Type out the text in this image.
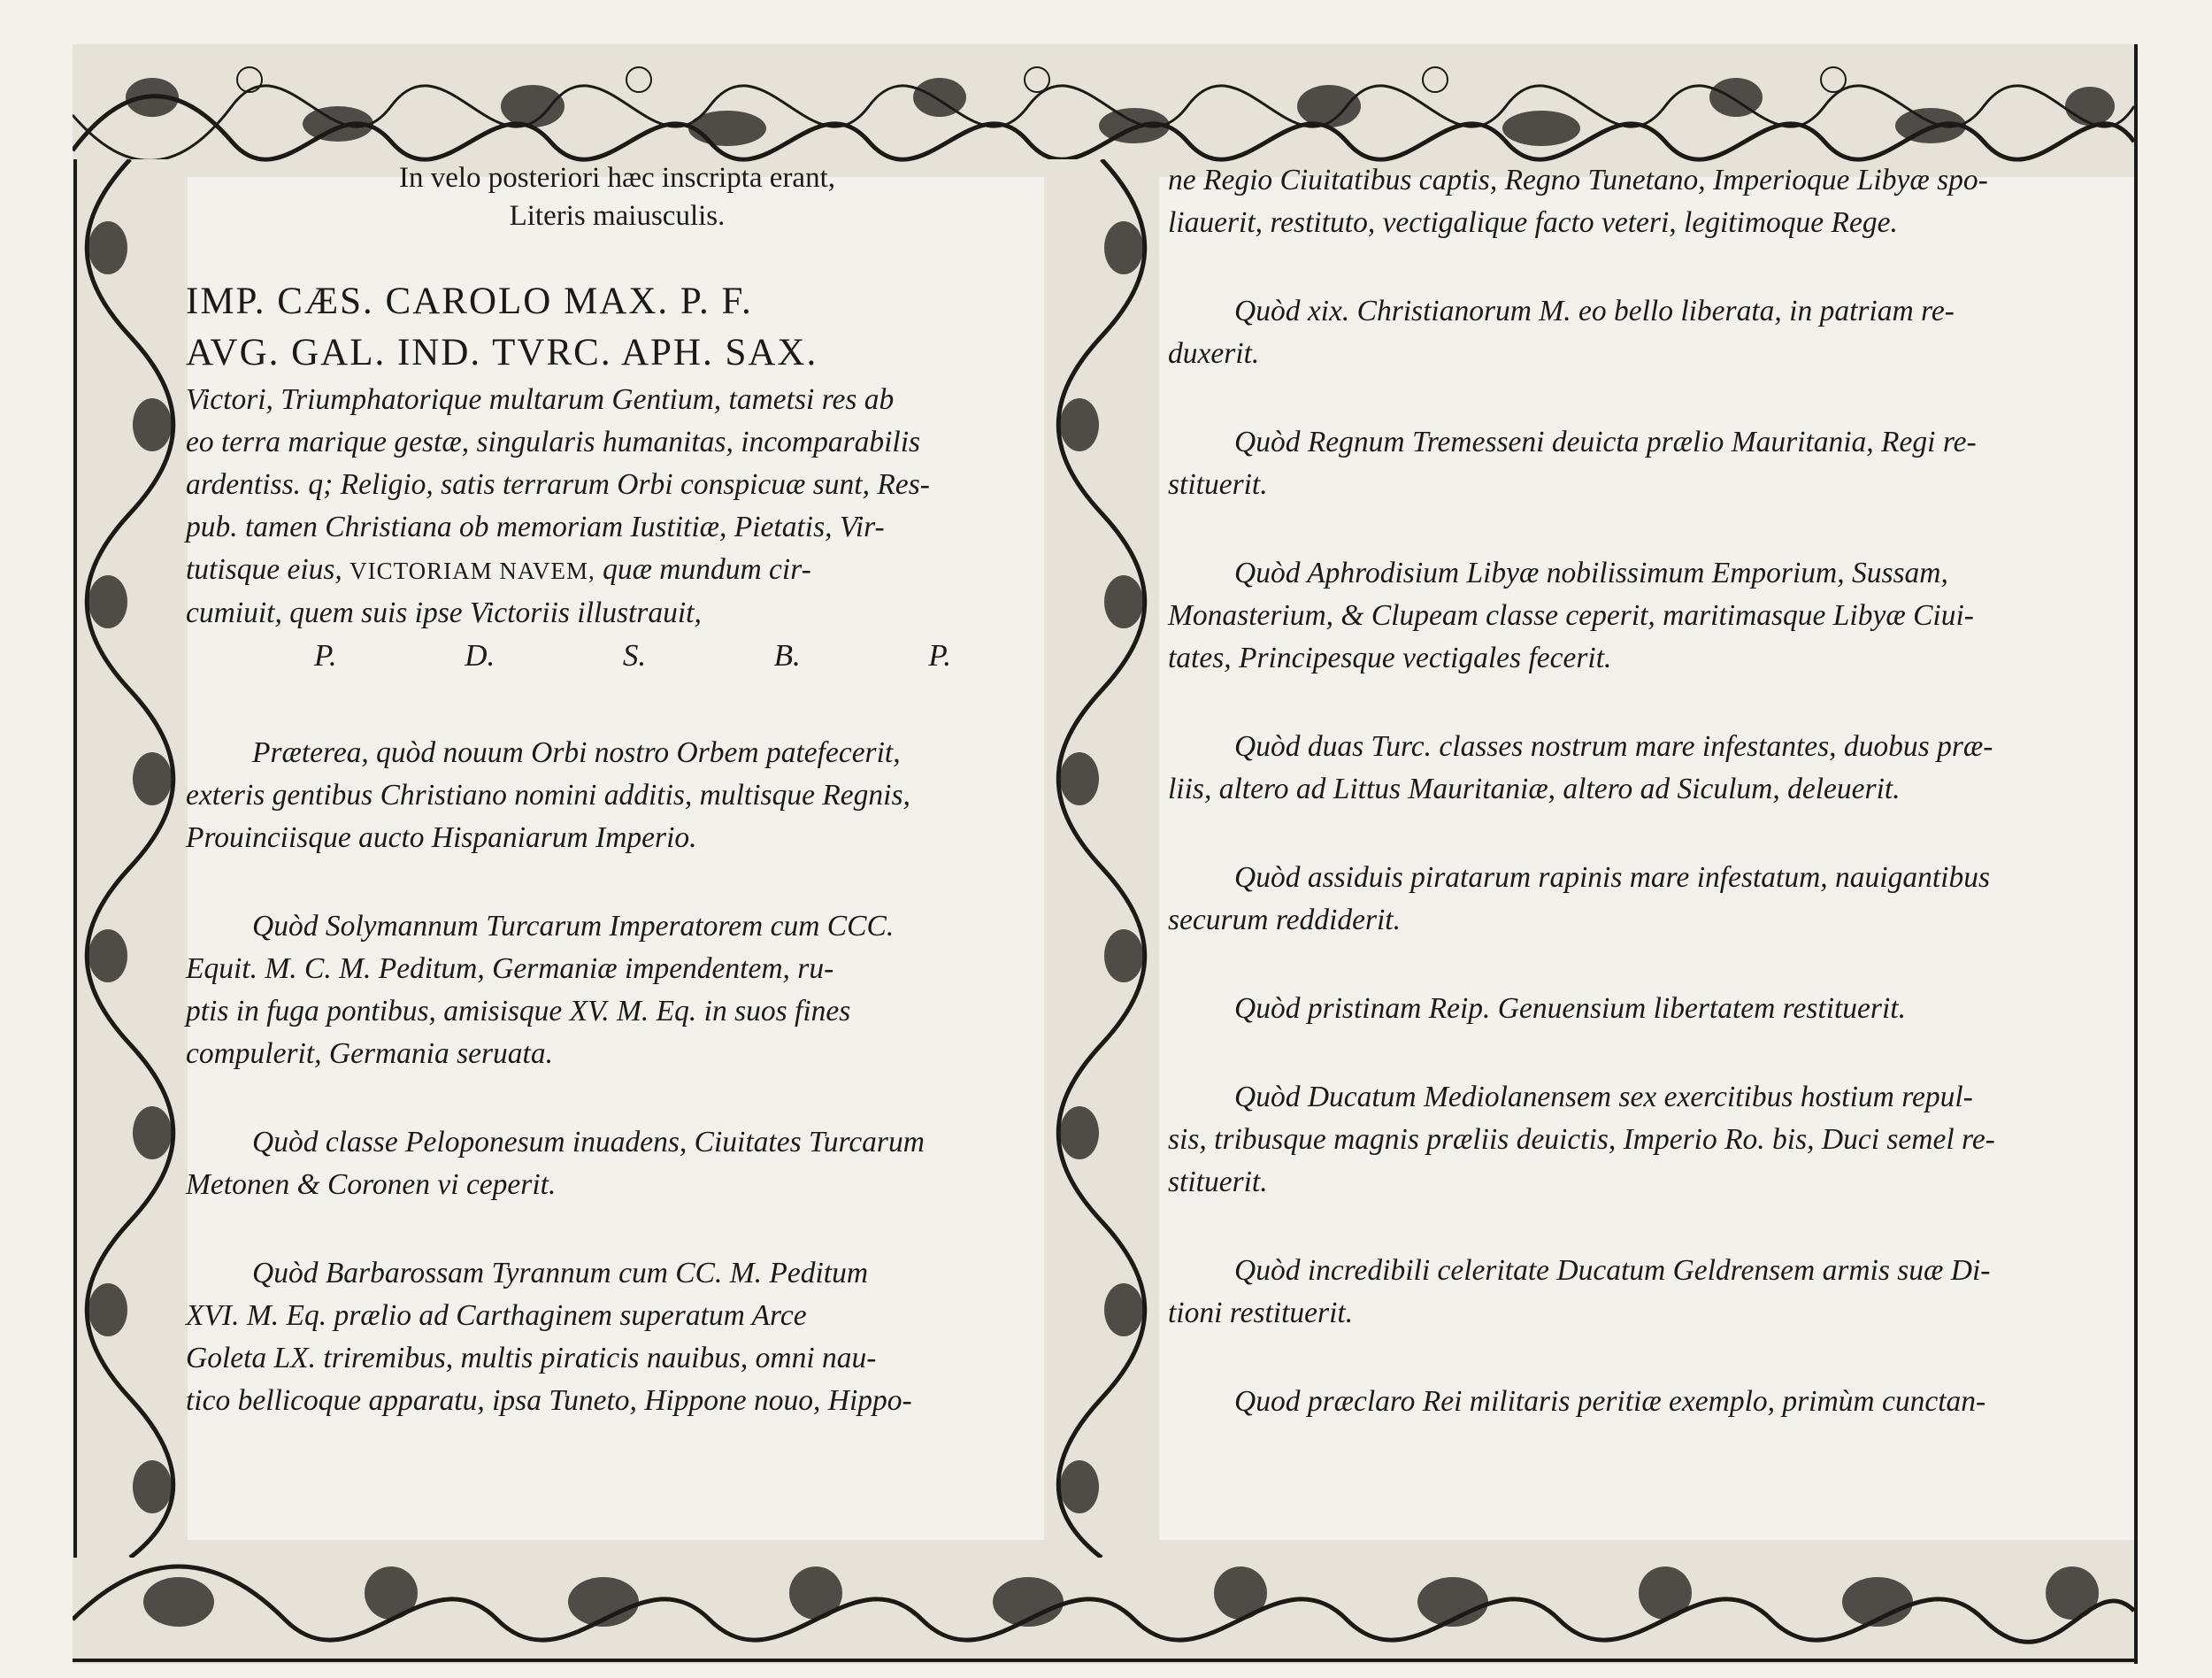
In velo posteriori hæc inscripta erant,

Literis maiusculis.

IMP. CÆS. CAROLO MAX. P. F.

AVG. GAL. IND. TVRC. APH. SAX.

Victori, Triumphatorique multarum Gentium, tametsi res ab

eo terra marique gestæ, singularis humanitas, incomparabilis

ardentiss. q; Religio, satis terrarum Orbi conspicuæ sunt, Res-

pub. tamen Christiana ob memoriam Iustitiæ, Pietatis, Vir-

tutisque eius, VICTORIAM NAVEM, quæ mundum cir-

cumiuit, quem suis ipse Victoriis illustrauit,

P.	D.	S.	B.	P.

Præterea, quòd nouum Orbi nostro Orbem patefecerit,

exteris gentibus Christiano nomini additis, multisque Regnis,

Prouinciisque aucto Hispaniarum Imperio.

Quòd Solymannum Turcarum Imperatorem cum CCC.

Equit. M. C. M. Peditum, Germaniæ impendentem, ru-

ptis in fuga pontibus, amisisque XV. M. Eq. in suos fines

compulerit, Germania seruata.

Quòd classe Peloponesum inuadens, Ciuitates Turcarum

Metonen & Coronen vi ceperit.

Quòd Barbarossam Tyrannum cum CC. M. Peditum

XVI. M. Eq. prælio ad Carthaginem superatum Arce

Goleta LX. triremibus, multis piraticis nauibus, omni nau-

tico bellicoque apparatu, ipsa Tuneto, Hippone nouo, Hippo-

ne Regio Ciuitatibus captis, Regno Tunetano, Imperioque Libyæ spo-

liauerit, restituto, vectigalique facto veteri, legitimoque Rege.

Quòd xix. Christianorum M. eo bello liberata, in patriam re-

duxerit.

Quòd Regnum Tremesseni deuicta prælio Mauritania, Regi re-

stituerit.

Quòd Aphrodisium Libyæ nobilissimum Emporium, Sussam,

Monasterium, & Clupeam classe ceperit, maritimasque Libyæ Ciui-

tates, Principesque vectigales fecerit.

Quòd duas Turc. classes nostrum mare infestantes, duobus præ-

liis, altero ad Littus Mauritaniæ, altero ad Siculum, deleuerit.

Quòd assiduis piratarum rapinis mare infestatum, nauigantibus

securum reddiderit.

Quòd pristinam Reip. Genuensium libertatem restituerit.

Quòd Ducatum Mediolanensem sex exercitibus hostium repul-

sis, tribusque magnis præliis deuictis, Imperio Ro. bis, Duci semel re-

stituerit.

Quòd incredibili celeritate Ducatum Geldrensem armis suæ Di-

tioni restituerit.

Quod præclaro Rei militaris peritiæ exemplo, primùm cunctan-
